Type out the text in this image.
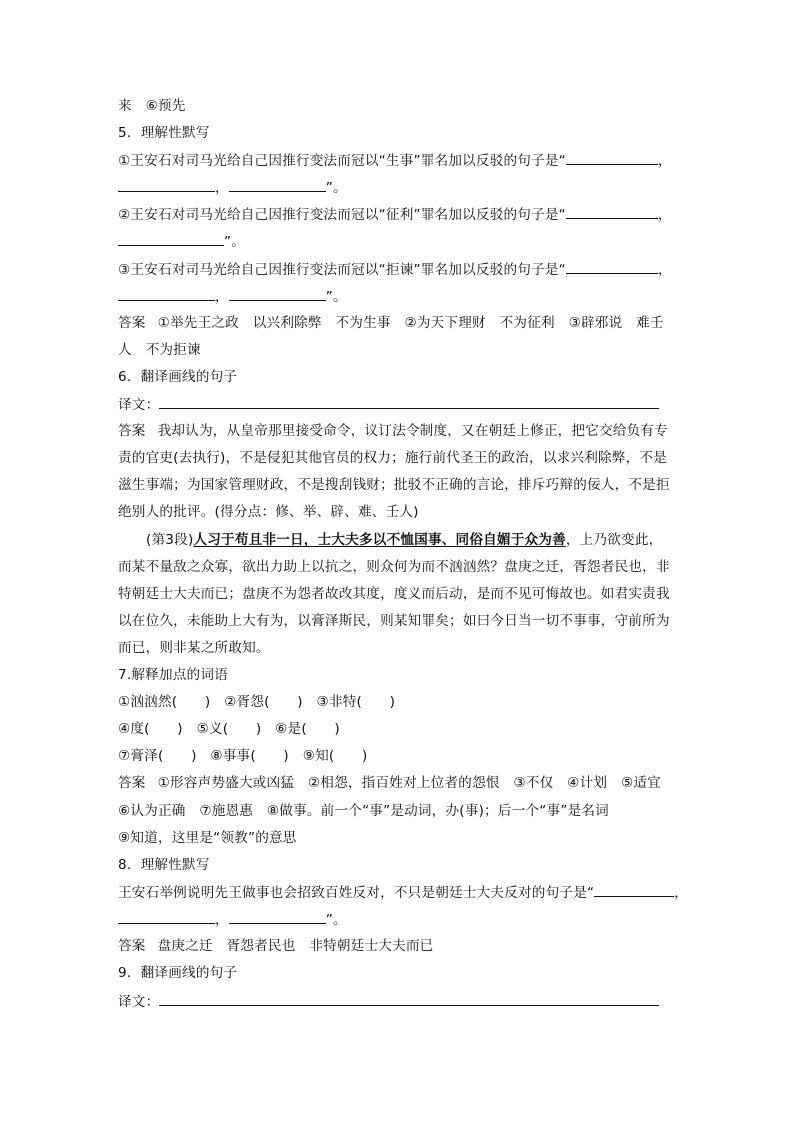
来　⑥预先
5．理解性默写
①王安石对司马光给自己因推行变法而冠以“生事”罪名加以反驳的句子是“	，
，	”。
②王安石对司马光给自己因推行变法而冠以“征利”罪名加以反驳的句子是“	，
”。
③王安石对司马光给自己因推行变法而冠以“拒谏”罪名加以反驳的句子是“	，
，	”。
答案 ①举先王之政　以兴利除弊　不为生事　②为天下理财　不为征利　③辟邪说　难壬
人　不为拒谏
6．翻译画线的句子
译文：
答案 我却认为，从皇帝那里接受命令，议订法令制度，又在朝廷上修正，把它交给负有专
责的官吏(去执行)，不是侵犯其他官员的权力；施行前代圣王的政治，以求兴利除弊，不是
滋生事端；为国家管理财政，不是搜刮钱财；批驳不正确的言论，排斥巧辩的佞人，不是拒
绝别人的批评。(得分点：修、举、辟、难、壬人)
(第3段)人习于苟且非一日，士大夫多以不恤国事、同俗自媚于众为善，上乃欲变此，
而某不量敌之众寡，欲出力助上以抗之，则众何为而不汹汹然？盘庚之迁，胥怨者民也，非
特朝廷士大夫而已；盘庚不为怨者故改其度，度义而后动，是而不见可悔故也。如君实责我
以在位久，未能助上大有为，以膏泽斯民，则某知罪矣；如曰今日当一切不事事，守前所为
而已，则非某之所敢知。
7.解释加点的词语
①汹汹然(　　)　②胥怨(　　)　③非特(　　)
④度(　　)　⑤义(　　)　⑥是(　　)
⑦膏泽(　　)　⑧事事(　　)　⑨知(　　)
答案 ①形容声势盛大或凶猛　②相怨，指百姓对上位者的怨恨　③不仅　④计划　⑤适宜
⑥认为正确　⑦施恩惠　⑧做事。前一个“事”是动词，办(事)；后一个“事”是名词
⑨知道，这里是“领教”的意思
8．理解性默写
王安石举例说明先王做事也会招致百姓反对，不只是朝廷士大夫反对的句子是“	，
，	”。
答案 盘庚之迁　胥怨者民也　非特朝廷士大夫而已
9．翻译画线的句子
译文：
